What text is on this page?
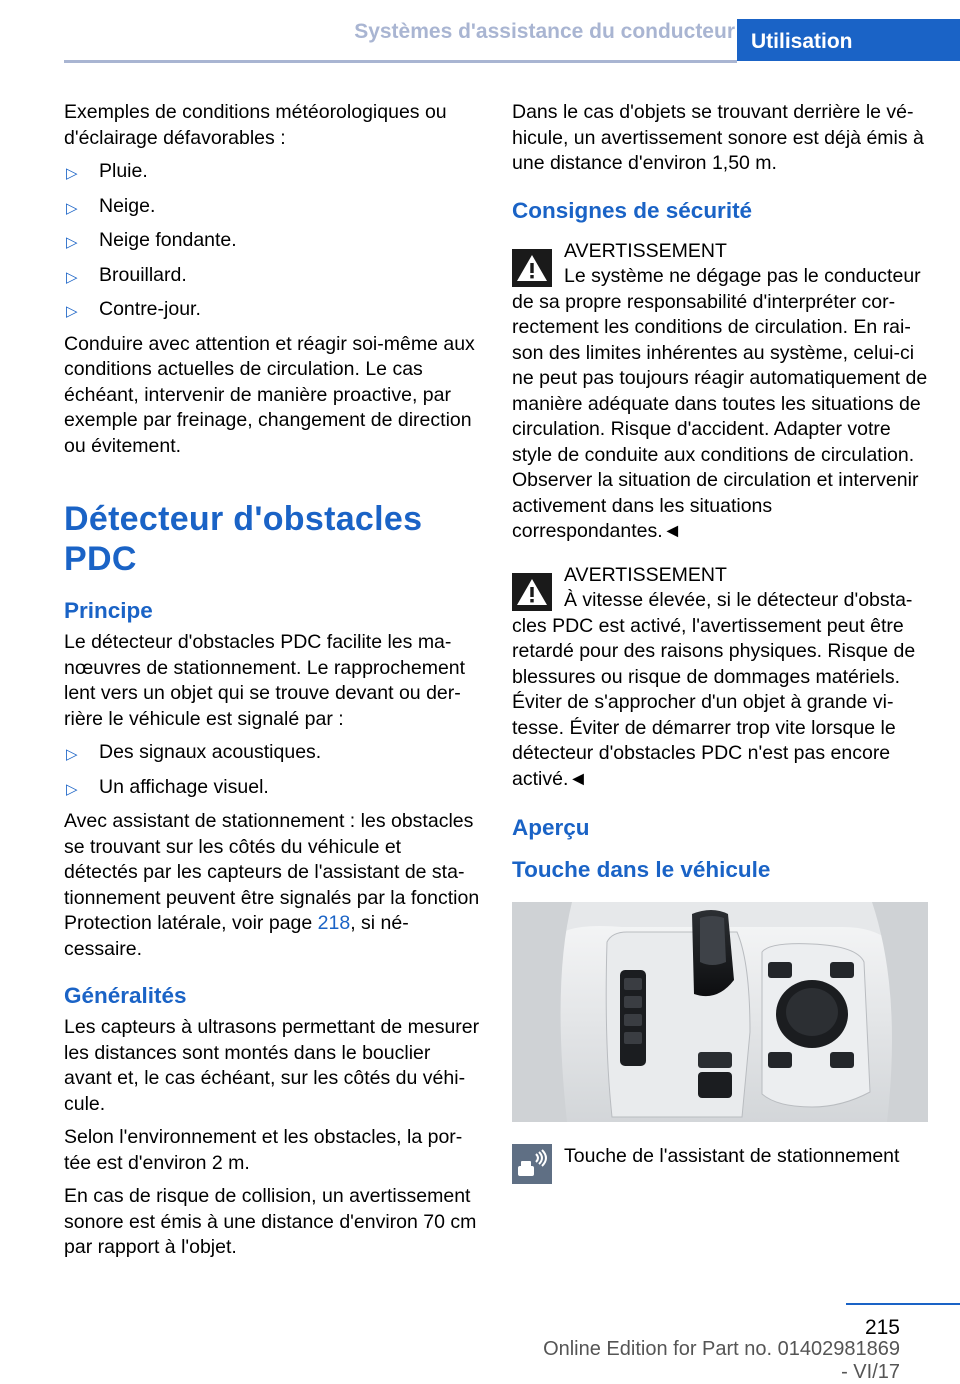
Systèmes d'assistance du conducteur Utilisation

Exemples de conditions météorologiques ou d'éclairage défavorables :

▷ Pluie.
▷ Neige.
▷ Neige fondante.
▷ Brouillard.
▷ Contre-jour.

Conduire avec attention et réagir soi-même aux conditions actuelles de circulation. Le cas échéant, intervenir de manière proactive, par exemple par freinage, changement de direction ou évitement.

Détecteur d'obstacles PDC
Principe

Le détecteur d'obstacles PDC facilite les manœuvres de stationnement. Le rapprochement lent vers un objet qui se trouve devant ou derrière le véhicule est signalé par :

▷ Des signaux acoustiques.
▷ Un affichage visuel.

Avec assistant de stationnement : les obstacles se trouvant sur les côtés du véhicule et détectés par les capteurs de l'assistant de stationnement peuvent être signalés par la fonction Protection latérale, voir page 218, si nécessaire.

Généralités

Les capteurs à ultrasons permettant de mesurer les distances sont montés dans le bouclier avant et, le cas échéant, sur les côtés du véhicule.

Selon l'environnement et les obstacles, la portée est d'environ 2 m.

En cas de risque de collision, un avertissement sonore est émis à une distance d'environ 70 cm par rapport à l'objet.

Dans le cas d'objets se trouvant derrière le véhicule, un avertissement sonore est déjà émis à une distance d'environ 1,50 m.

Consignes de sécurité
AVERTISSEMENT
Le système ne dégage pas le conducteur de sa propre responsabilité d'interpréter correctement les conditions de circulation. En raison des limites inhérentes au système, celui-ci ne peut pas toujours réagir automatiquement de manière adéquate dans toutes les situations de circulation. Risque d'accident. Adapter votre style de conduite aux conditions de circulation. Observer la situation de circulation et intervenir activement dans les situations correspondantes.◄
AVERTISSEMENT
À vitesse élevée, si le détecteur d'obstacles PDC est activé, l'avertissement peut être retardé pour des raisons physiques. Risque de blessures ou risque de dommages matériels. Éviter de s'approcher d'un objet à grande vitesse. Éviter de démarrer trop vite lorsque le détecteur d'obstacles PDC n'est pas encore activé.◄
Aperçu
Touche dans le véhicule
Touche de l'assistant de stationnement
215
Online Edition for Part no. 01402981869 - VI/17
